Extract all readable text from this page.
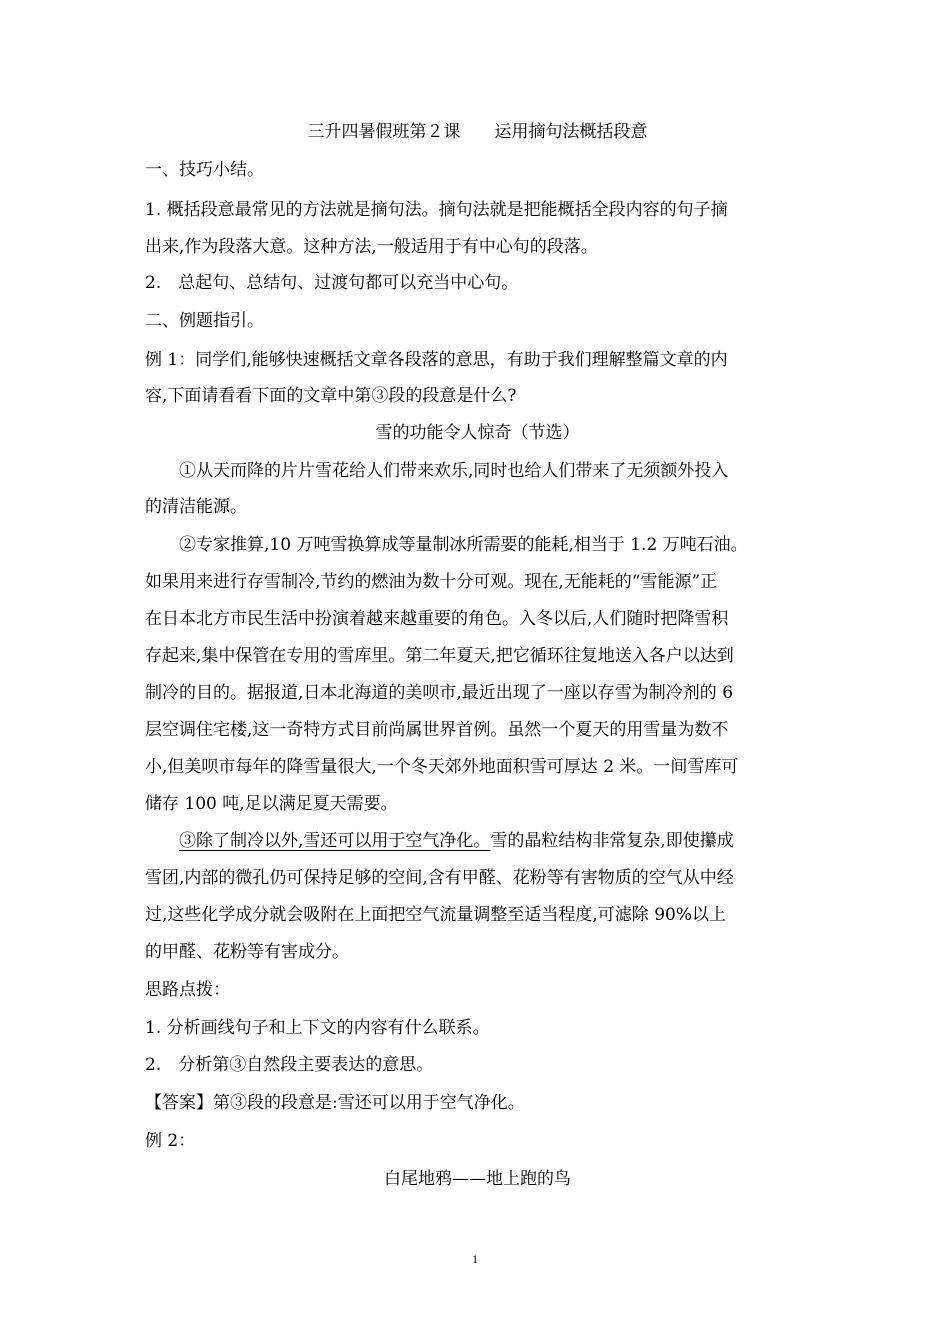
三升四暑假班第２课　　运用摘句法概括段意
一、技巧小结。
1. 概括段意最常见的方法就是摘句法。摘句法就是把能概括全段内容的句子摘
出来,作为段落大意。这种方法,一般适用于有中心句的段落。
2.　总起句、总结句、过渡句都可以充当中心句。
二、例题指引。
例 1：同学们,能够快速概括文章各段落的意思，有助于我们理解整篇文章的内
容,下面请看看下面的文章中第③段的段意是什么?
雪的功能令人惊奇（节选）
①从天而降的片片雪花给人们带来欢乐,同时也给人们带来了无须额外投入
的清洁能源。
②专家推算,10 万吨雪换算成等量制冰所需要的能耗,相当于 1.2 万吨石油。
如果用来进行存雪制冷,节约的燃油为数十分可观。现在,无能耗的“雪能源”正
在日本北方市民生活中扮演着越来越重要的角色。入冬以后,人们随时把降雪积
存起来,集中保管在专用的雪库里。第二年夏天,把它循环往复地送入各户以达到
制冷的目的。据报道,日本北海道的美呗市,最近出现了一座以存雪为制冷剂的 6
层空调住宅楼,这一奇特方式目前尚属世界首例。虽然一个夏天的用雪量为数不
小,但美呗市每年的降雪量很大,一个冬天郊外地面积雪可厚达 2 米。一间雪库可
储存 100 吨,足以满足夏天需要。
③除了制冷以外,雪还可以用于空气净化。雪的晶粒结构非常复杂,即使攥成
雪团,内部的微孔仍可保持足够的空间,含有甲醛、花粉等有害物质的空气从中经
过,这些化学成分就会吸附在上面把空气流量调整至适当程度,可滤除 90%以上
的甲醛、花粉等有害成分。
思路点拨：
1. 分析画线句子和上下文的内容有什么联系。
2.　分析第③自然段主要表达的意思。
【答案】第③段的段意是:雪还可以用于空气净化。
例 2：
白尾地鸦——地上跑的鸟
1
